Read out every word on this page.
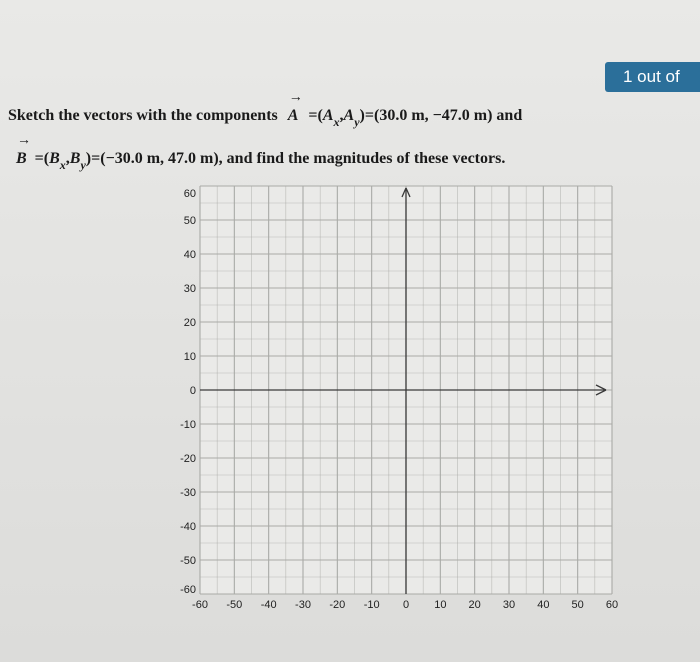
1 out of
Sketch the vectors with the components
→
$A =(A_x,A_y)=(30.0$ m, −47.0 m) and
→
$B =(B_x,B_y)=(-30.0$ m, 47.0 m), and find the magnitudes of these vectors.
60
50
40
30
20
10
0
-10
-20
-30
-40
-50
-60
-60 -50 -40 -30 -20 -10 0 10 20 30 40 50 60
